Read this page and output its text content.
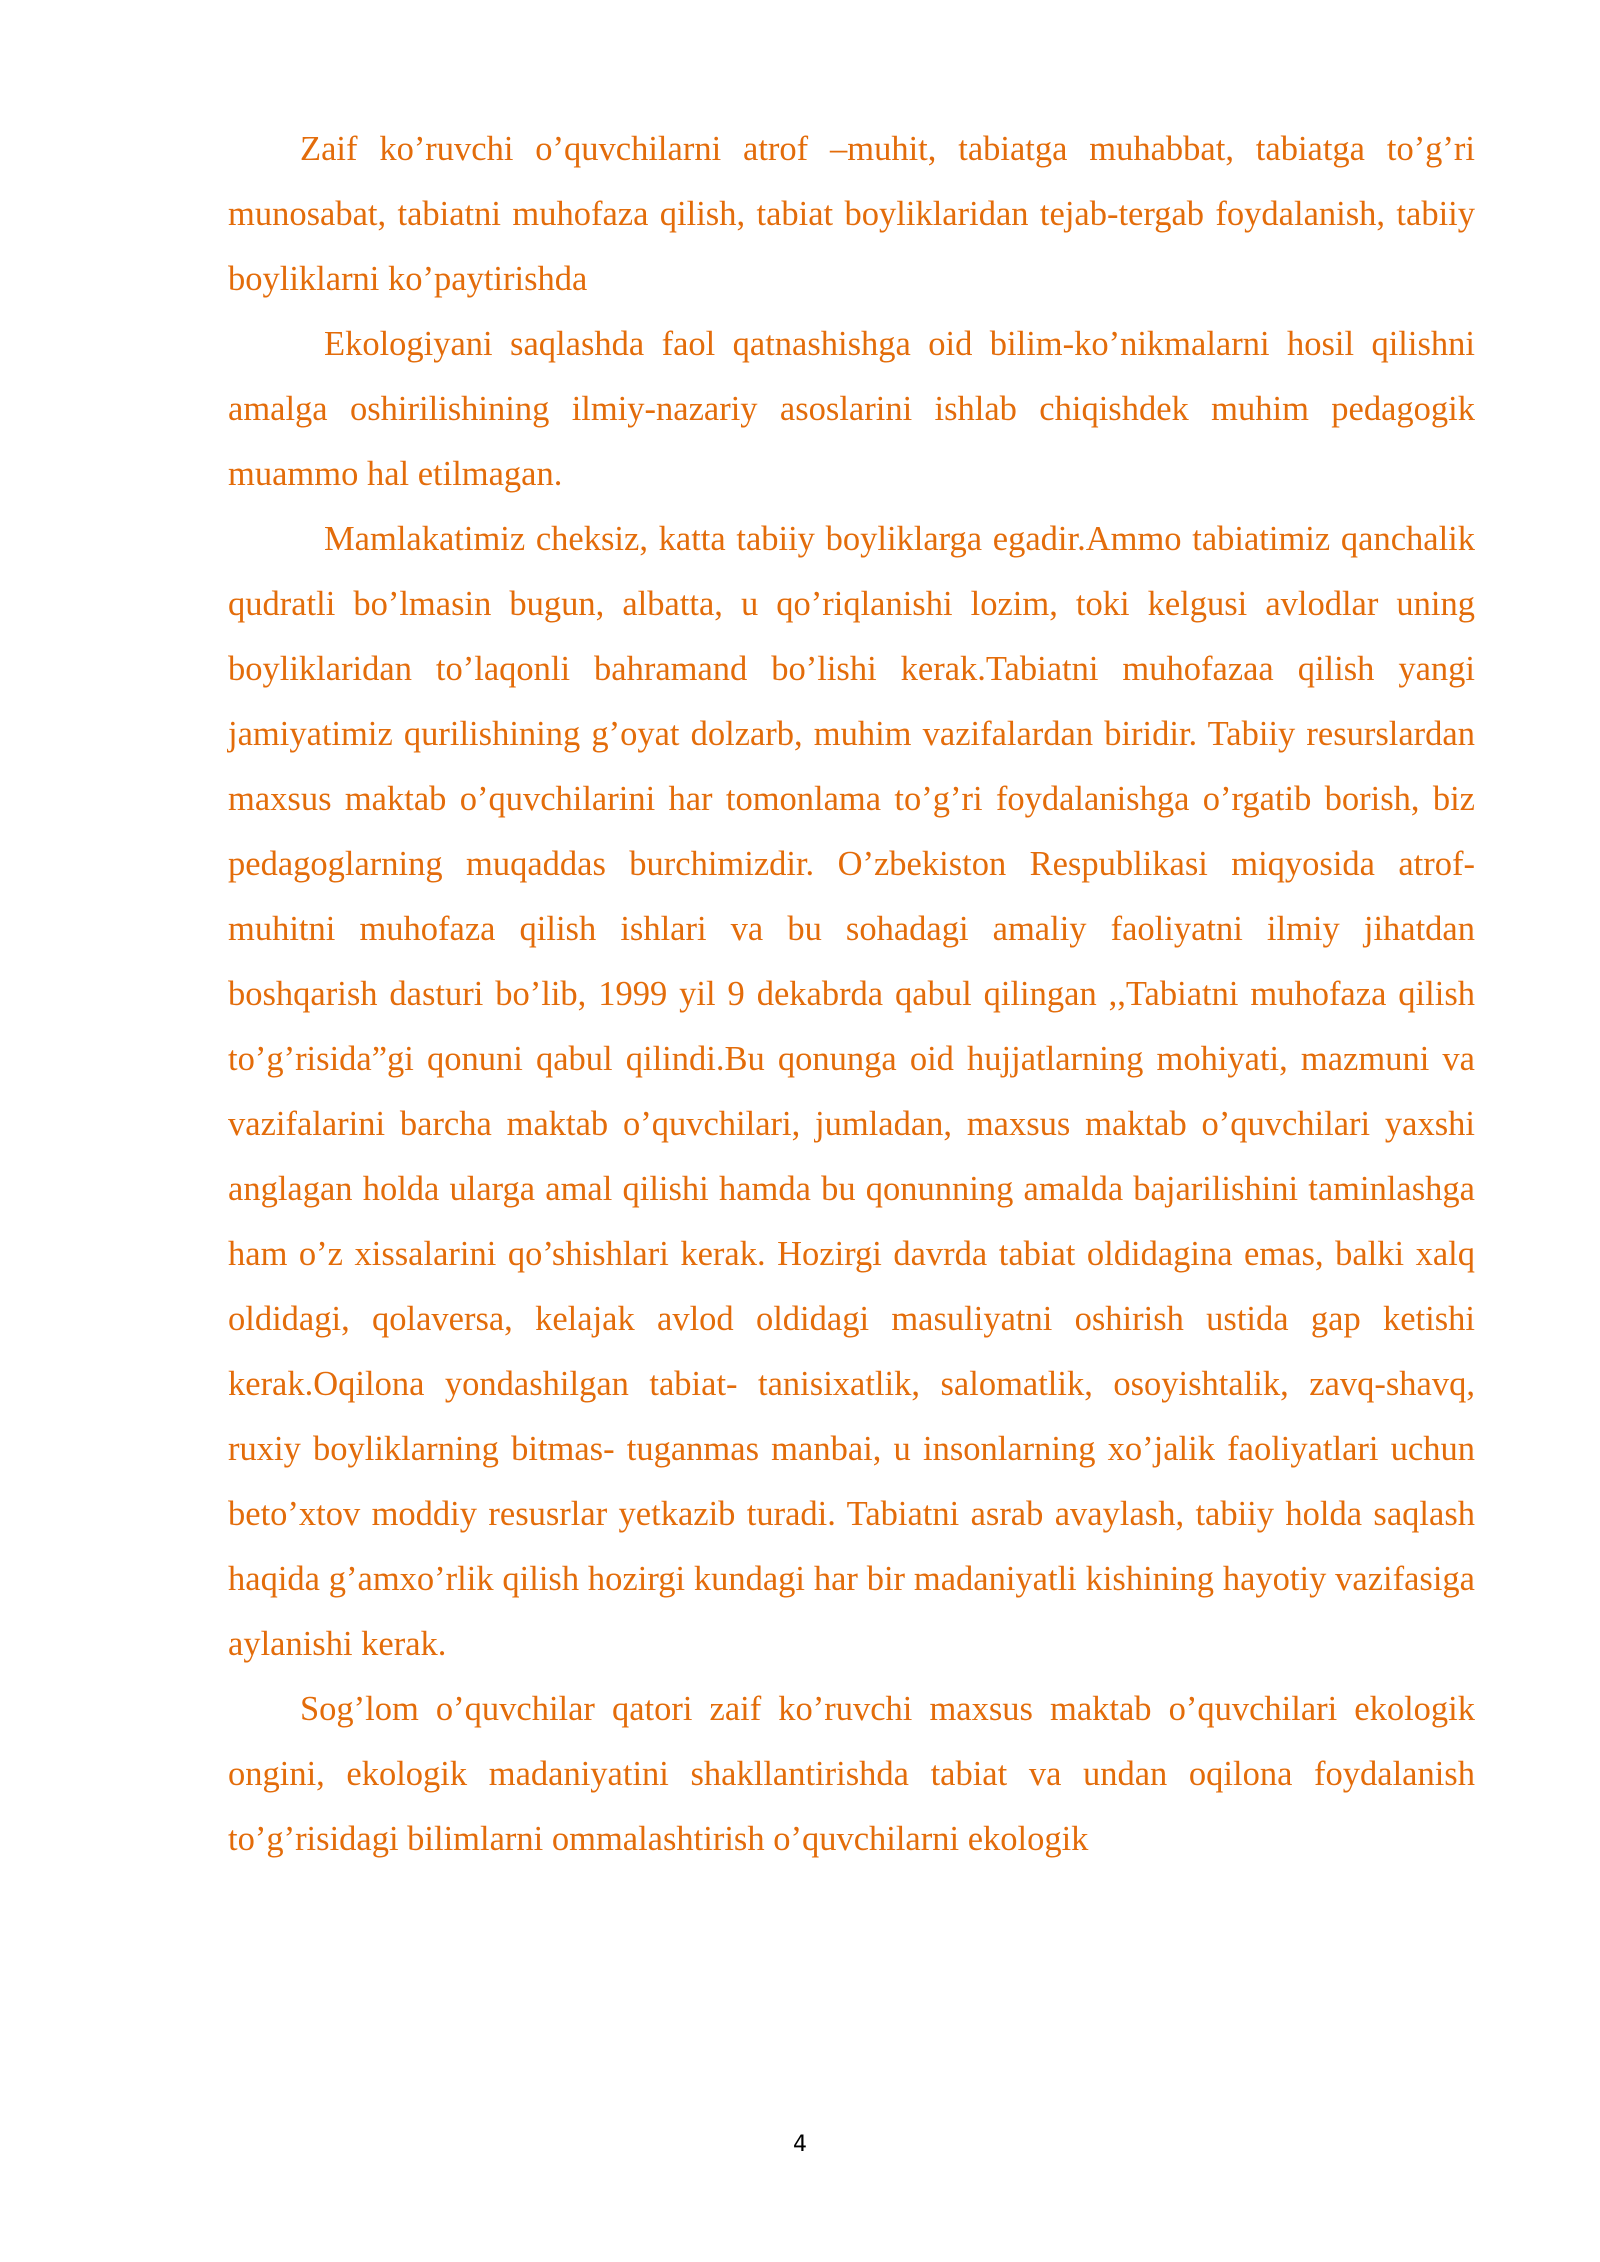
Zaif ko’ruvchi o’quvchilarni atrof –muhit, tabiatga muhabbat, tabiatga to’g’ri munosabat, tabiatni muhofaza qilish, tabiat boyliklaridan tejab-tergab foydalanish, tabiiy boyliklarni ko’paytirishda

Ekologiyani saqlashda faol qatnashishga oid bilim-ko’nikmalarni hosil qilishni amalga oshirilishining ilmiy-nazariy asoslarini ishlab chiqishdek muhim pedagogik muammo hal etilmagan.

Mamlakatimiz cheksiz, katta tabiiy boyliklarga egadir.Ammo tabiatimiz qanchalik qudratli bo’lmasin bugun, albatta, u qo’riqlanishi lozim, toki kelgusi avlodlar uning boyliklaridan to’laqonli bahramand bo’lishi kerak.Tabiatni muhofazaa qilish yangi jamiyatimiz qurilishining g’oyat dolzarb, muhim vazifalardan biridir. Tabiiy resurslardan maxsus maktab o’quvchilarini har tomonlama to’g’ri foydalanishga o’rgatib borish, biz pedagoglarning muqaddas burchimizdir. O’zbekiston Respublikasi miqyosida atrof-muhitni muhofaza qilish ishlari va bu sohadagi amaliy faoliyatni ilmiy jihatdan boshqarish dasturi bo’lib, 1999 yil 9 dekabrda qabul qilingan ,,Tabiatni muhofaza qilish to’g’risida”gi qonuni qabul qilindi.Bu qonunga oid hujjatlarning mohiyati, mazmuni va vazifalarini barcha maktab o’quvchilari, jumladan, maxsus maktab o’quvchilari yaxshi anglagan holda ularga amal qilishi hamda bu qonunning amalda bajarilishini taminlashga ham o’z xissalarini qo’shishlari kerak. Hozirgi davrda tabiat oldidagina emas, balki xalq oldidagi, qolaversa, kelajak avlod oldidagi masuliyatni oshirish ustida gap ketishi kerak.Oqilona yondashilgan tabiat- tanisixatlik, salomatlik, osoyishtalik, zavq-shavq, ruxiy boyliklarning bitmas- tuganmas manbai, u insonlarning xo’jalik faoliyatlari uchun beto’xtov moddiy resusrlar yetkazib turadi. Tabiatni asrab avaylash, tabiiy holda saqlash haqida g’amxo’rlik qilish hozirgi kundagi har bir madaniyatli kishining hayotiy vazifasiga aylanishi kerak.

Sog’lom o’quvchilar qatori zaif ko’ruvchi maxsus maktab o’quvchilari ekologik ongini, ekologik madaniyatini shakllantirishda tabiat va undan oqilona foydalanish to’g’risidagi bilimlarni ommalashtirish o’quvchilarni ekologik

4
